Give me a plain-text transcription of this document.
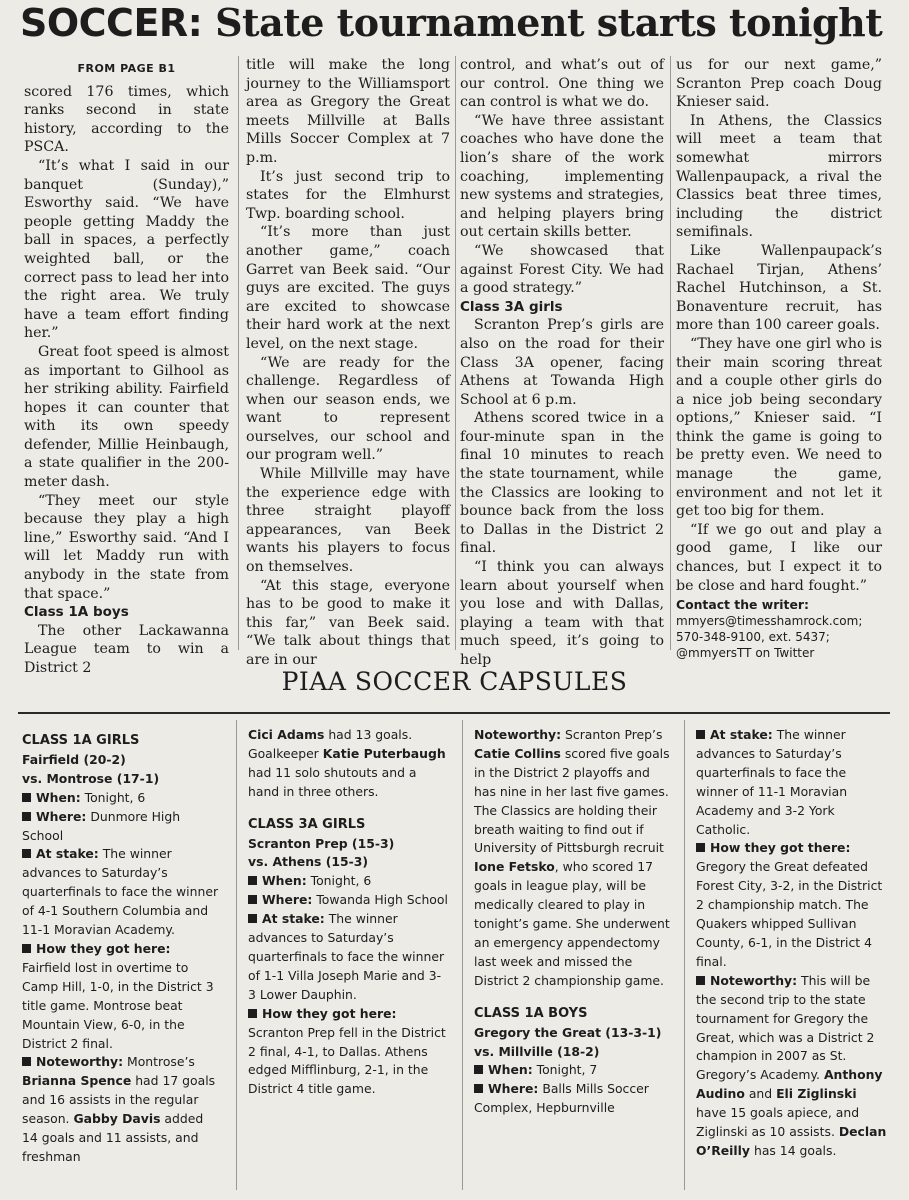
SOCCER: State tournament starts tonight

FROM PAGE B1

scored 176 times, which ranks second in state history, according to the PSCA.

“It’s what I said in our banquet (Sunday),” Esworthy said. “We have people getting Maddy the ball in spaces, a perfectly weighted ball, or the correct pass to lead her into the right area. We truly have a team effort finding her.”

Great foot speed is almost as important to Gilhool as her striking ability. Fairfield hopes it can counter that with its own speedy defender, Millie Heinbaugh, a state qualifier in the 200-meter dash.

“They meet our style because they play a high line,” Esworthy said. “And I will let Maddy run with anybody in the state from that space.”

Class 1A boys

The other Lackawanna League team to win a District 2

title will make the long journey to the Williamsport area as Gregory the Great meets Millville at Balls Mills Soccer Complex at 7 p.m.

It’s just second trip to states for the Elmhurst Twp. boarding school.

“It’s more than just another game,” coach Garret van Beek said. “Our guys are excited. The guys are excited to showcase their hard work at the next level, on the next stage.

“We are ready for the challenge. Regardless of when our season ends, we want to represent ourselves, our school and our program well.”

While Millville may have the experience edge with three straight playoff appearances, van Beek wants his players to focus on themselves.

“At this stage, everyone has to be good to make it this far,” van Beek said. “We talk about things that are in our

control, and what’s out of our control. One thing we can control is what we do.

“We have three assistant coaches who have done the lion’s share of the work coaching, implementing new systems and strategies, and helping players bring out certain skills better.

“We showcased that against Forest City. We had a good strategy.”

Class 3A girls

Scranton Prep’s girls are also on the road for their Class 3A opener, facing Athens at Towanda High School at 6 p.m.

Athens scored twice in a four-minute span in the final 10 minutes to reach the state tournament, while the Classics are looking to bounce back from the loss to Dallas in the District 2 final.

“I think you can always learn about yourself when you lose and with Dallas, playing a team with that much speed, it’s going to help

us for our next game,” Scranton Prep coach Doug Knieser said.

In Athens, the Classics will meet a team that somewhat mirrors Wallenpaupack, a rival the Classics beat three times, including the district semifinals.

Like Wallenpaupack’s Rachael Tirjan, Athens’ Rachel Hutchinson, a St. Bonaventure recruit, has more than 100 career goals.

“They have one girl who is their main scoring threat and a couple other girls do a nice job being secondary options,” Knieser said. “I think the game is going to be pretty even. We need to manage the game, environment and not let it get too big for them.

“If we go out and play a good game, I like our chances, but I expect it to be close and hard fought.”

Contact the writer:
mmyers@timesshamrock.com;
570-348-9100, ext. 5437;
@mmyersTT on Twitter
PIAA SOCCER CAPSULES
CLASS 1A GIRLS
Fairfield (20-2)
vs. Montrose (17-1)

When: Tonight, 6

Where: Dunmore High School

At stake: The winner advances to Saturday’s quarterfinals to face the winner of 4-1 Southern Columbia and 11-1 Moravian Academy.

How they got here: Fairfield lost in overtime to Camp Hill, 1-0, in the District 3 title game. Montrose beat Mountain View, 6-0, in the District 2 final.

Noteworthy: Montrose’s Brianna Spence had 17 goals and 16 assists in the regular season. Gabby Davis added 14 goals and 11 assists, and freshman

Cici Adams had 13 goals. Goalkeeper Katie Puterbaugh had 11 solo shutouts and a hand in three others.

CLASS 3A GIRLS
Scranton Prep (15-3)
vs. Athens (15-3)

When: Tonight, 6

Where: Towanda High School

At stake: The winner advances to Saturday’s quarterfinals to face the winner of 1-1 Villa Joseph Marie and 3-3 Lower Dauphin.

How they got here: Scranton Prep fell in the District 2 final, 4-1, to Dallas. Athens edged Mifflinburg, 2-1, in the District 4 title game.

Noteworthy: Scranton Prep’s Catie Collins scored five goals in the District 2 playoffs and has nine in her last five games. The Classics are holding their breath waiting to find out if University of Pittsburgh recruit Ione Fetsko, who scored 17 goals in league play, will be medically cleared to play in tonight’s game. She underwent an emergency appendectomy last week and missed the District 2 championship game.

CLASS 1A BOYS
Gregory the Great (13-3-1)
vs. Millville (18-2)

When: Tonight, 7

Where: Balls Mills Soccer Complex, Hepburnville

At stake: The winner advances to Saturday’s quarterfinals to face the winner of 11-1 Moravian Academy and 3-2 York Catholic.

How they got there: Gregory the Great defeated Forest City, 3-2, in the District 2 championship match. The Quakers whipped Sullivan County, 6-1, in the District 4 final.

Noteworthy: This will be the second trip to the state tournament for Gregory the Great, which was a District 2 champion in 2007 as St. Gregory’s Academy. Anthony Audino and Eli Ziglinski have 15 goals apiece, and Ziglinski as 10 assists. Declan O’Reilly has 14 goals.
